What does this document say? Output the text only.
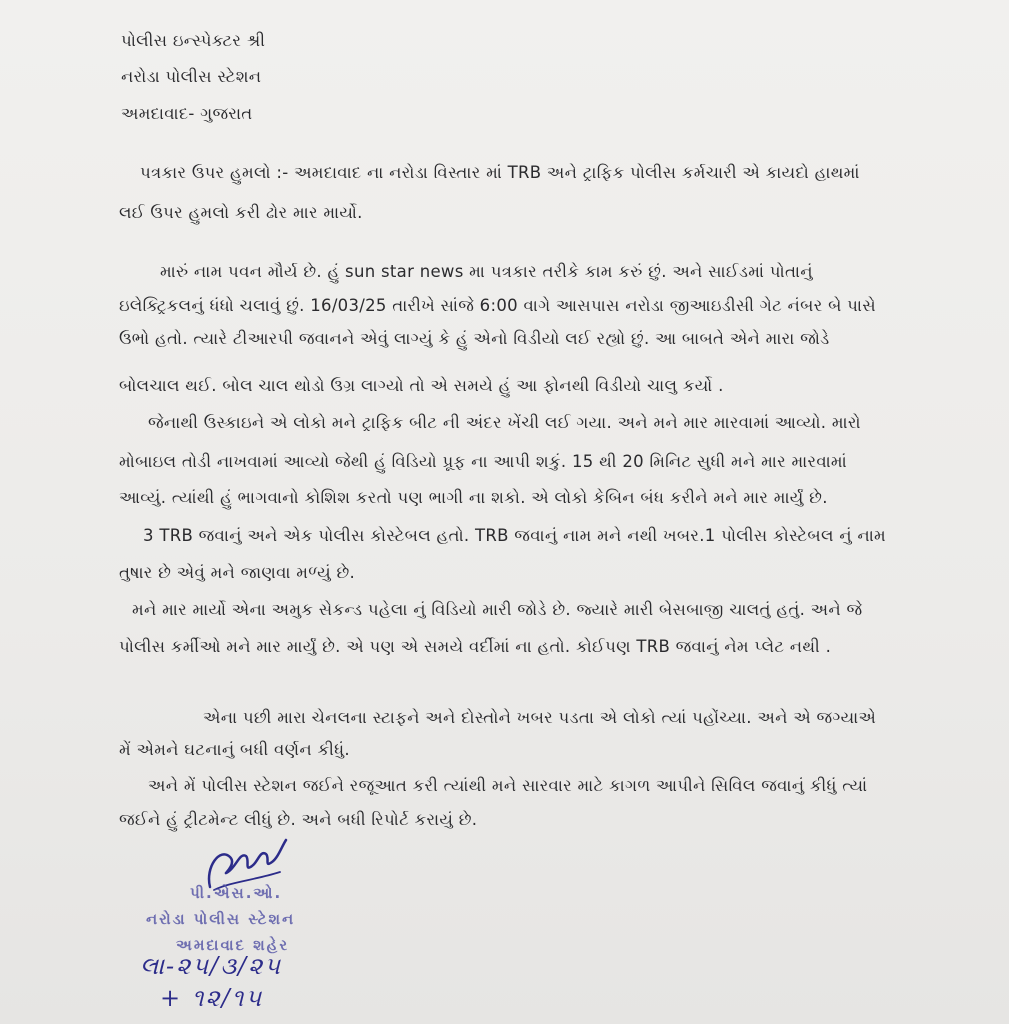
પોલીસ ઇન્સ્પેક્ટર શ્રી
નરોડા પોલીસ સ્ટેશન
અમદાવાદ- ગુજરાત
પત્રકાર ઉપર હુમલો :- અમદાવાદ ના નરોડા વિસ્તાર માં TRB અને ટ્રાફિક પોલીસ કર્મચારી એ કાયદો હાથમાં
લઈ ઉપર હુમલો કરી ઢોર માર માર્યો.
મારું નામ પવન મૌર્ય છે. હું sun star news મા પત્રકાર તરીકે કામ કરું છું. અને સાઈડમાં પોતાનું
ઇલેક્ટ્રિકલનું ધંધો ચલાવું છું. 16/03/25 તારીખે સાંજે 6:00 વાગે આસપાસ નરોડા જીઆઇડીસી ગેટ નંબર બે પાસે
ઉભો હતો. ત્યારે ટીઆરપી જવાનને એવું લાગ્યું કે હું એનો વિડીયો લઈ રહ્યો છું. આ બાબતે એને મારા જોડે
બોલચાલ થઈ. બોલ ચાલ થોડો ઉગ્ર લાગ્યો તો એ સમયે હું આ ફોનથી વિડીયો ચાલુ કર્યો .
જેનાથી ઉસ્કાઇને એ લોકો મને ટ્રાફિક બીટ ની અંદર ખેંચી લઈ ગયા. અને મને માર મારવામાં આવ્યો. મારો
મોબાઇલ તોડી નાખવામાં આવ્યો જેથી હું વિડિયો પ્રૂફ ના આપી શકું. 15 થી 20 મિનિટ સુધી મને માર મારવામાં
આવ્યું. ત્યાંથી હું ભાગવાનો કોશિશ કરતો પણ ભાગી ના શકો. એ લોકો કેબિન બંધ કરીને મને માર માર્યું છે.
3 TRB જવાનું અને એક પોલીસ કોસ્ટેબલ હતો. TRB જવાનું નામ મને નથી ખબર.1 પોલીસ કોસ્ટેબલ નું નામ
તુષાર છે એવું મને જાણવા મળ્યું છે.
મને માર માર્યો એના અમુક સેકન્ડ પહેલા નું વિડિયો મારી જોડે છે. જ્યારે મારી બેસબાજી ચાલતું હતું. અને જે
પોલીસ કર્મીઓ મને માર માર્યું છે. એ પણ એ સમયે વર્દીમાં ના હતો. કોઈપણ TRB જવાનું નેમ પ્લેટ નથી .
એના પછી મારા ચેનલના સ્ટાફને અને દોસ્તોને ખબર પડતા એ લોકો ત્યાં પહોંચ્યા. અને એ જગ્યાએ
મેં એમને ઘટનાનું બધી વર્ણન કીધું.
અને મેં પોલીસ સ્ટેશન જઈને રજૂઆત કરી ત્યાંથી મને સારવાર માટે કાગળ આપીને સિવિલ જવાનું કીધું ત્યાં
જઈને હું ટ્રીટમેન્ટ લીધું છે. અને બધી રિપોર્ટ કરાયું છે.
પી.એસ.ઓ.
નરોડા પોલીસ સ્ટેશન
અમદાવાદ શહેર
લા-૨૫/૩/૨૫
+ ૧૨/૧૫
